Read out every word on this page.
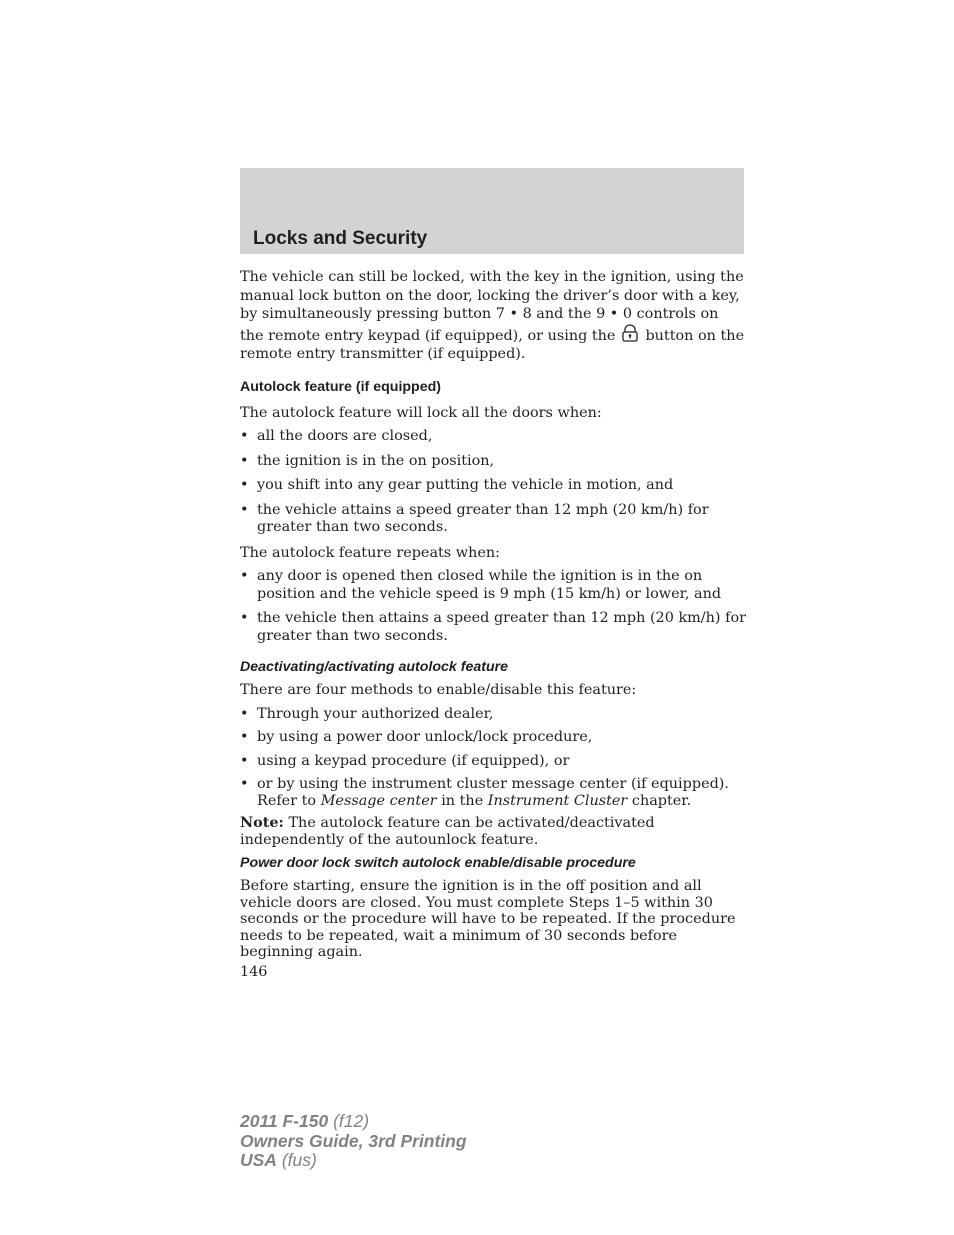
Locks and Security

The vehicle can still be locked, with the key in the ignition, using the manual lock button on the door, locking the driver’s door with a key, by simultaneously pressing button 7 • 8 and the 9 • 0 controls on the remote entry keypad (if equipped), or using the button on the remote entry transmitter (if equipped).

Autolock feature (if equipped)

The autolock feature will lock all the doors when:

• all the doors are closed,
• the ignition is in the on position,
• you shift into any gear putting the vehicle in motion, and
• the vehicle attains a speed greater than 12 mph (20 km/h) for greater than two seconds.

The autolock feature repeats when:

• any door is opened then closed while the ignition is in the on position and the vehicle speed is 9 mph (15 km/h) or lower, and
• the vehicle then attains a speed greater than 12 mph (20 km/h) for greater than two seconds.
Deactivating/activating autolock feature

There are four methods to enable/disable this feature:

• Through your authorized dealer,
• by using a power door unlock/lock procedure,
• using a keypad procedure (if equipped), or
• or by using the instrument cluster message center (if equipped). Refer to Message center in the Instrument Cluster chapter.

Note: The autolock feature can be activated/deactivated independently of the autounlock feature.

Power door lock switch autolock enable/disable procedure

Before starting, ensure the ignition is in the off position and all vehicle doors are closed. You must complete Steps 1–5 within 30 seconds or the procedure will have to be repeated. If the procedure needs to be repeated, wait a minimum of 30 seconds before beginning again.

146

2011 F-150 (f12)
Owners Guide, 3rd Printing
USA (fus)
